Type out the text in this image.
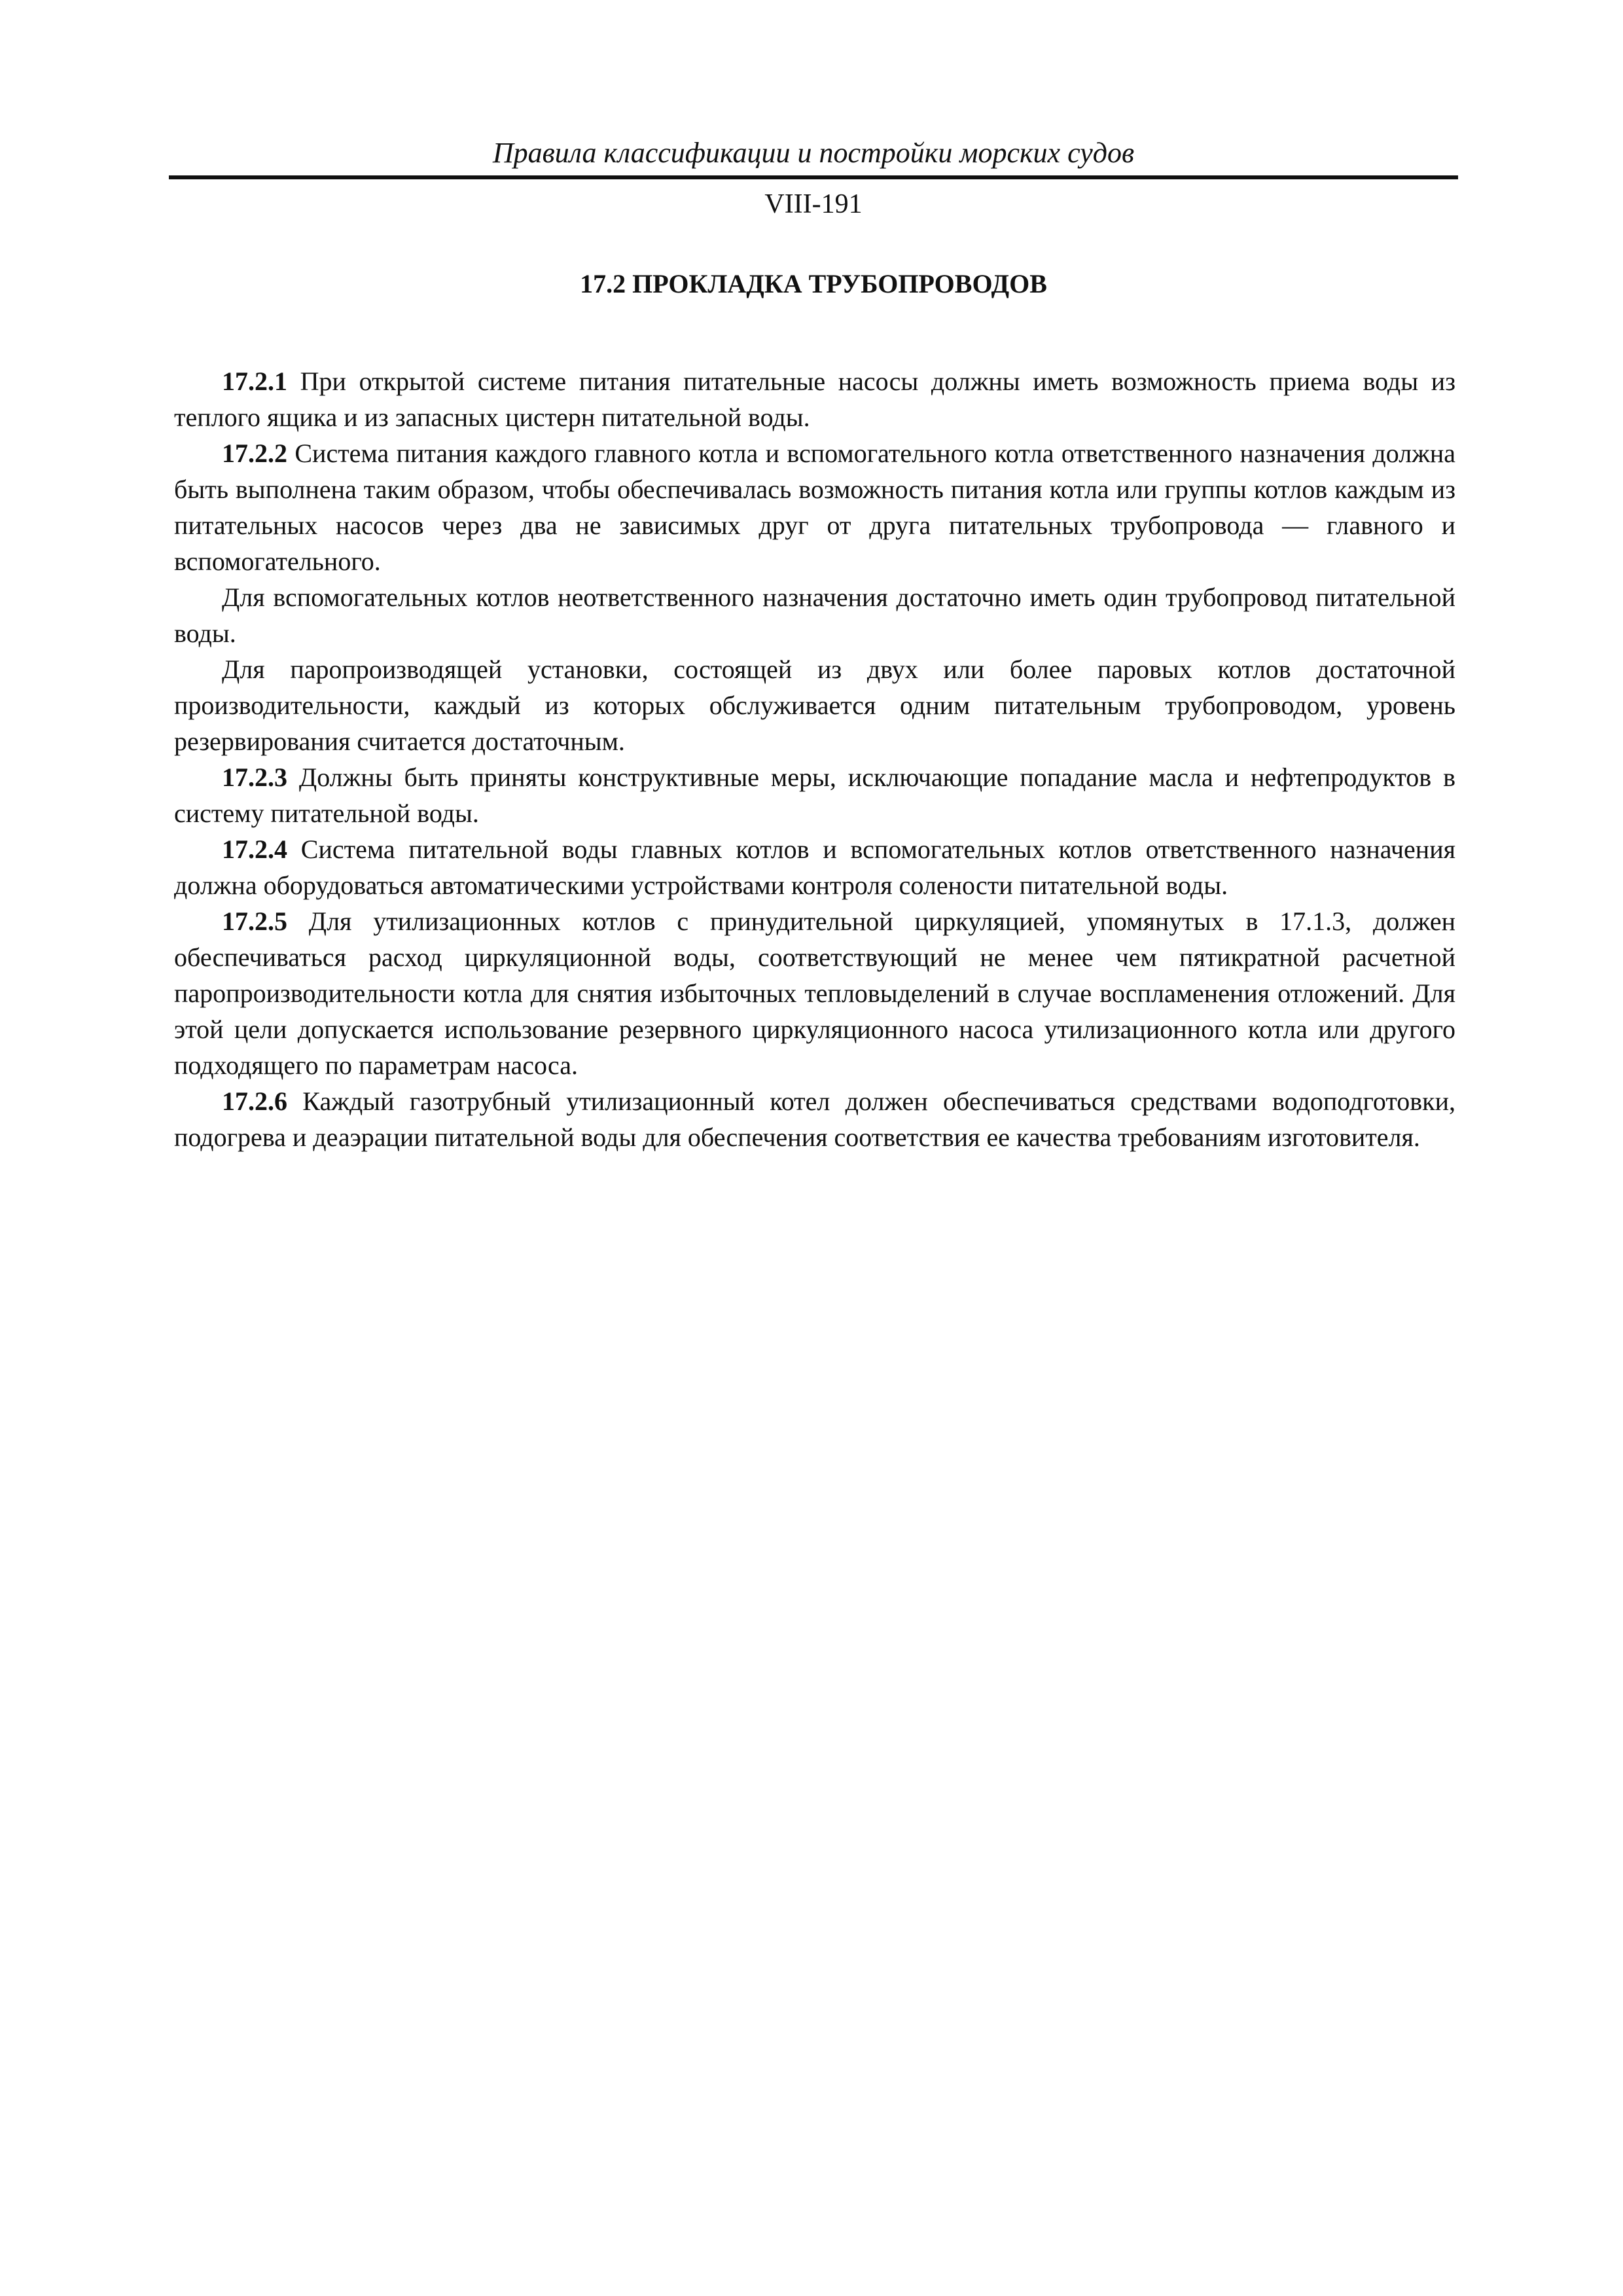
Правила классификации и постройки морских судов
VIII-191
17.2 ПРОКЛАДКА ТРУБОПРОВОДОВ

17.2.1 При открытой системе питания питательные насосы должны иметь возможность приема воды из теплого ящика и из запасных цистерн питательной воды.

17.2.2 Система питания каждого главного котла и вспомогательного котла ответственного назначения должна быть выполнена таким образом, чтобы обеспечивалась возможность питания котла или группы котлов каждым из питательных насосов через два не зависимых друг от друга питательных трубопровода — главного и вспомогательного.

Для вспомогательных котлов неответственного назначения достаточно иметь один трубопровод питательной воды.

Для паропроизводящей установки, состоящей из двух или более паровых котлов достаточной производительности, каждый из которых обслуживается одним питательным трубопроводом, уровень резервирования считается достаточным.

17.2.3 Должны быть приняты конструктивные меры, исключающие попадание масла и нефтепродуктов в систему питательной воды.

17.2.4 Система питательной воды главных котлов и вспомогательных котлов ответственного назначения должна оборудоваться автоматическими устройствами контроля солености питательной воды.

17.2.5 Для утилизационных котлов с принудительной циркуляцией, упомянутых в 17.1.3, должен обеспечиваться расход циркуляционной воды, соответствующий не менее чем пятикратной расчетной паропроизводительности котла для снятия избыточных тепловыделений в случае воспламенения отложений. Для этой цели допускается использование резервного циркуляционного насоса утилизационного котла или другого подходящего по параметрам насоса.

17.2.6 Каждый газотрубный утилизационный котел должен обеспечиваться средствами водоподготовки, подогрева и деаэрации питательной воды для обеспечения соответствия ее качества требованиям изготовителя.
